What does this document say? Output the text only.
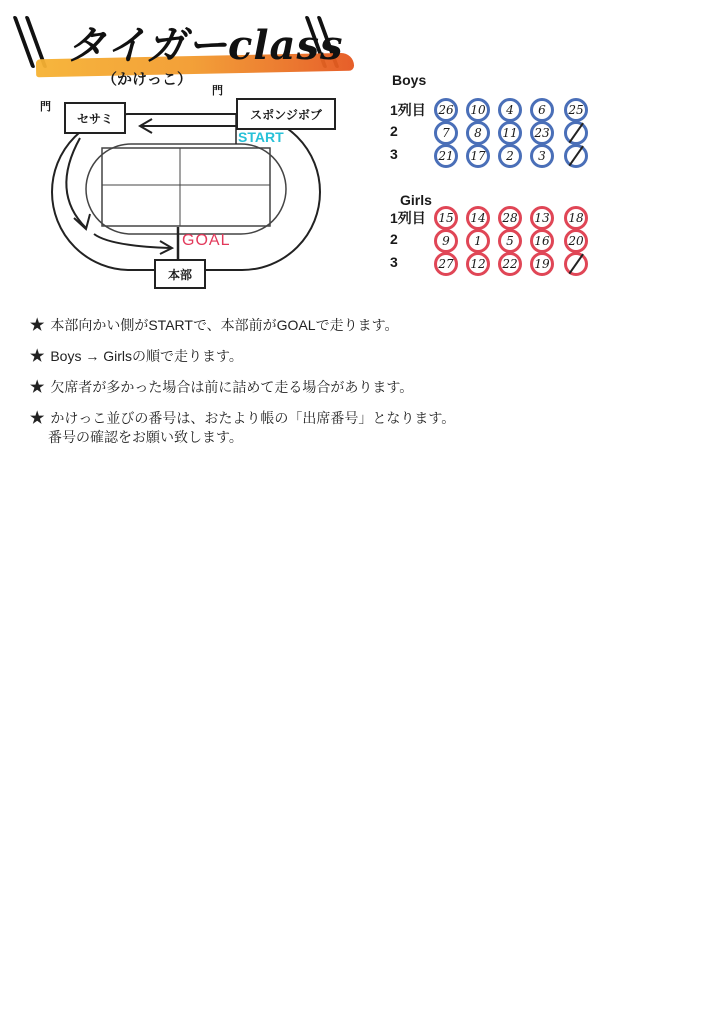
タイガーclass
（かけっこ）
門
門
セサミ	スポンジボブ
START
GOAL
本部
Boys
1列目	26	10	4	6	25
2	7	8	11	23
3	21	17	2	3
Girls
1列目	15	14	28	13	18
2	9	1	5	16	20
3	27	12	22	19
★ 本部向かい側がSTARTで、本部前がGOALで走ります。
★ Boys → Girlsの順で走ります。
★ 欠席者が多かった場合は前に詰めて走る場合があります。
★ かけっこ並びの番号は、おたより帳の「出席番号」となります。
番号の確認をお願い致します。
